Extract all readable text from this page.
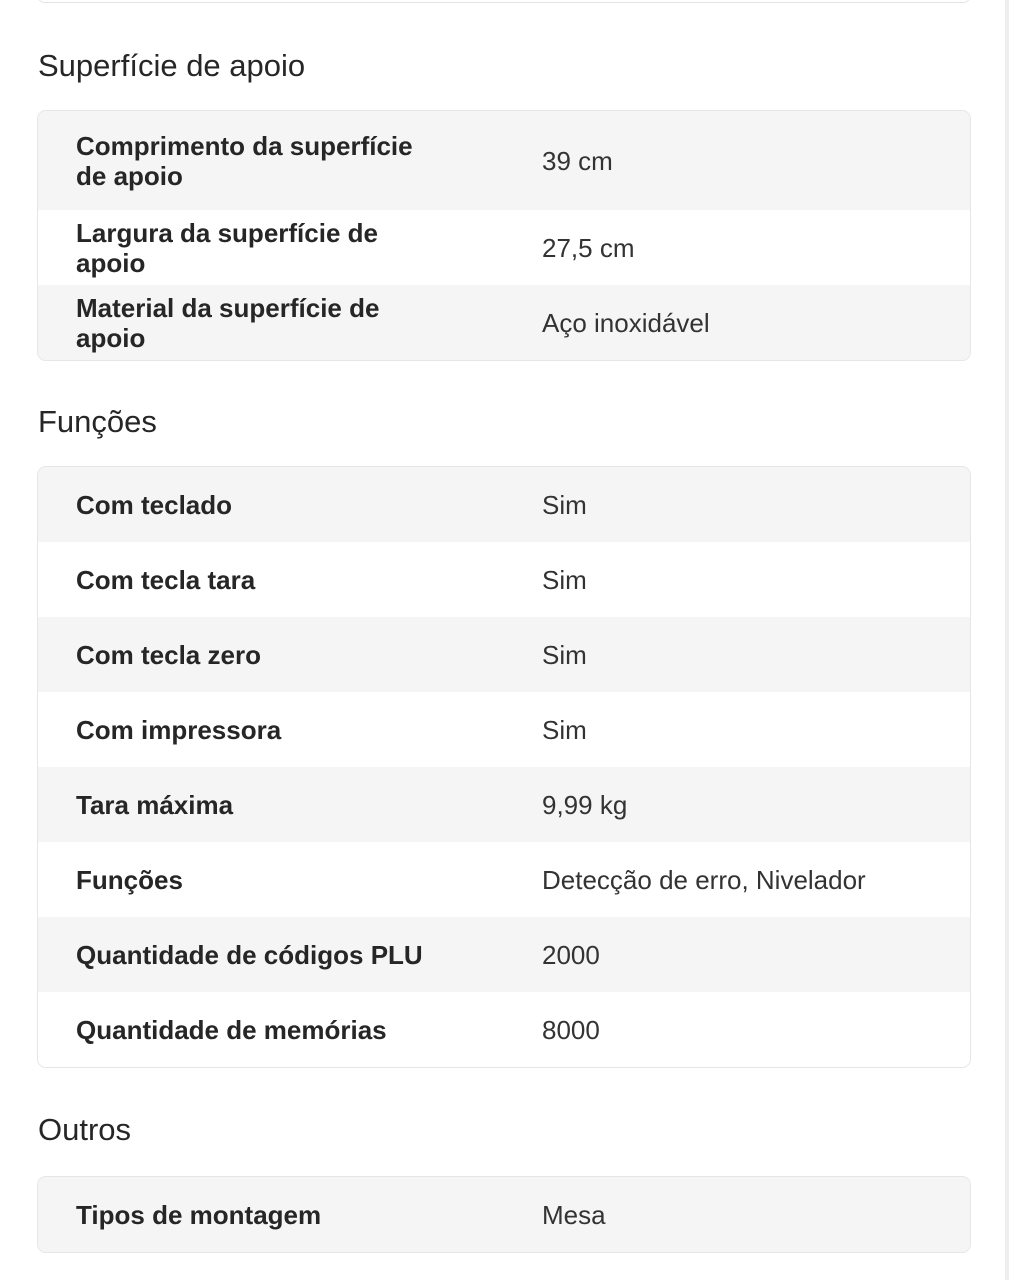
Superfície de apoio
Comprimento da superfície de apoio	39 cm
Largura da superfície de apoio	27,5 cm
Material da superfície de apoio	Aço inoxidável
Funções
Com teclado	Sim
Com tecla tara	Sim
Com tecla zero	Sim
Com impressora	Sim
Tara máxima	9,99 kg
Funções	Detecção de erro, Nivelador
Quantidade de códigos PLU	2000
Quantidade de memórias	8000
Outros
Tipos de montagem	Mesa
